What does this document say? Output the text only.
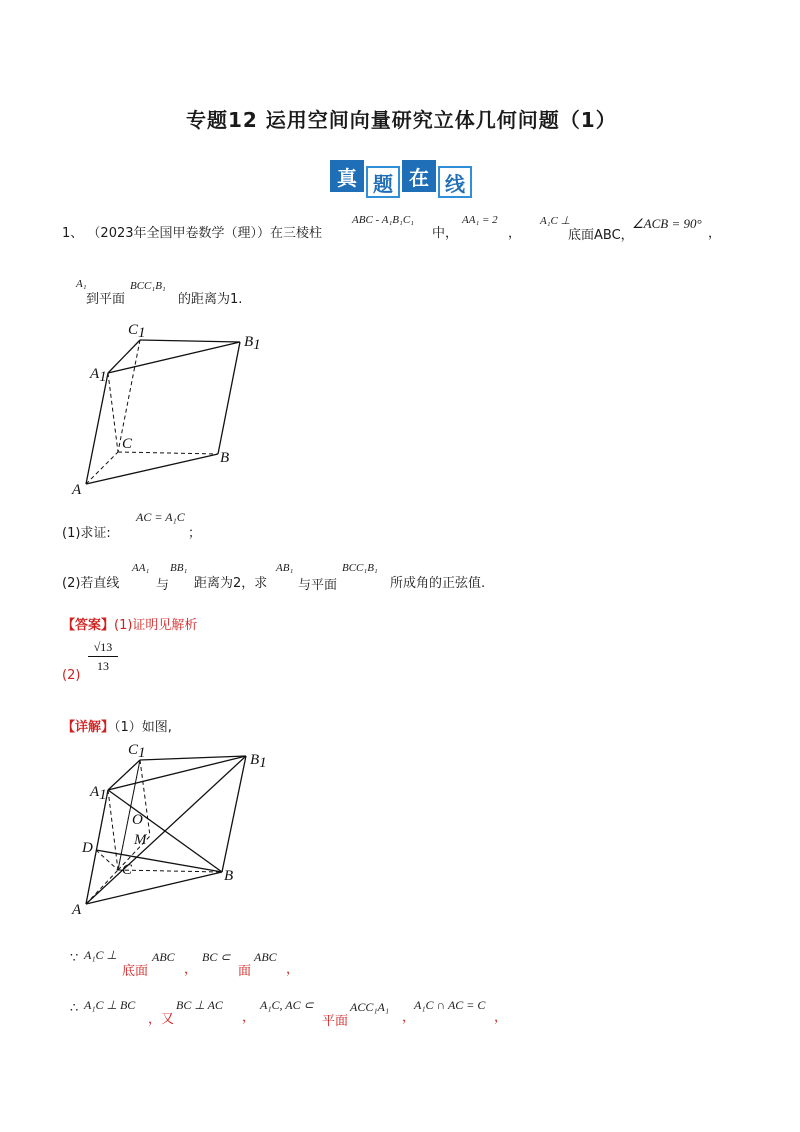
专题12 运用空间向量研究立体几何问题（1）
真 题 在 线
1、 （2023年全国甲卷数学（理））在三棱柱
ABC - A₁B₁C₁
中，
AA₁ = 2
，
A₁C ⊥
底面ABC，
∠ACB = 90°
，
A₁
到平面
BCC₁B₁
的距离为1.
C1
B1
A1
C
B
A
(1)求证:
AC = A₁C
；
(2)若直线
AA₁
与
BB₁
距离为2，求
AB₁
与平面
BCC₁B₁
所成角的正弦值.
【答案】(1)证明见解析
(2)
$\frac{√13}{13}$
【详解】（1）如图,
C1	B1
A1
O
M
D
C	B
A
∵ A₁C ⊥
底面
ABC
，
BC ⊂
面
ABC
，
∴ A₁C ⊥ BC
，又
BC ⊥ AC
，
A₁C, AC ⊂
平面
ACC₁A₁
，
A₁C ∩ AC = C
，
